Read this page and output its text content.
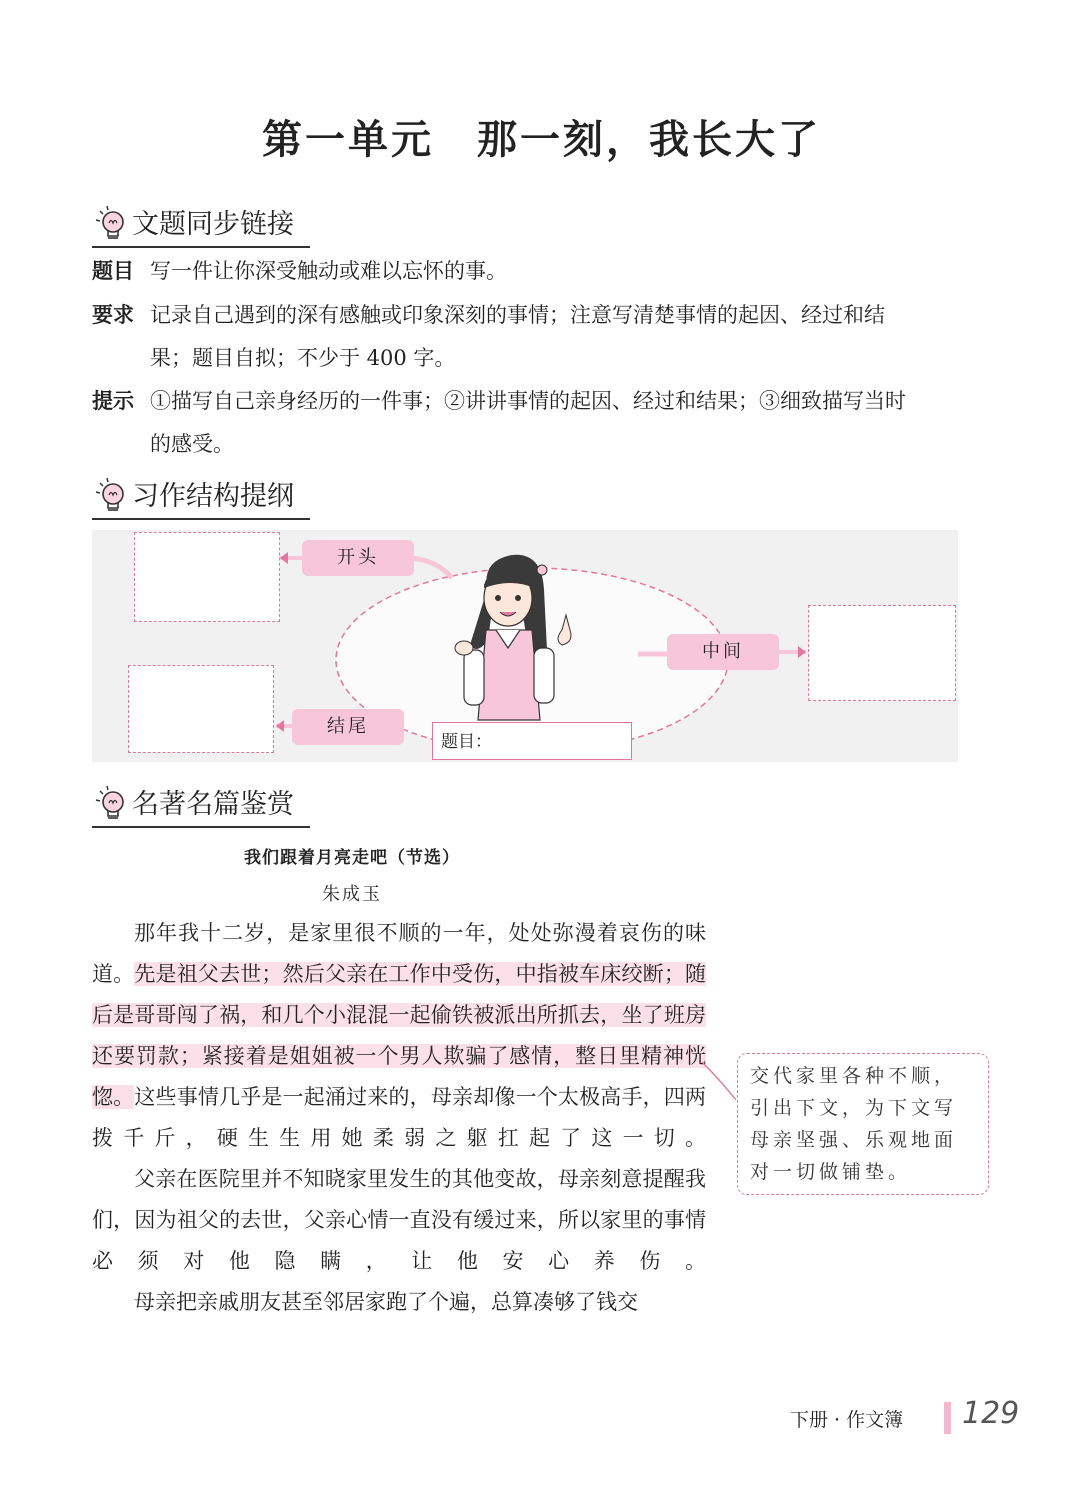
第一单元　那一刻，我长大了
文题同步链接
题目 写一件让你深受触动或难以忘怀的事。
要求 记录自己遇到的深有感触或印象深刻的事情；注意写清楚事情的起因、经过和结
果；题目自拟；不少于 400 字。
提示 ①描写自己亲身经历的一件事；②讲讲事情的起因、经过和结果；③细致描写当时
的感受。
习作结构提纲
开头
中间
结尾
题目：
名著名篇鉴赏
我们跟着月亮走吧（节选）
朱成玉

那年我十二岁，是家里很不顺的一年，处处弥漫着哀伤的味道。先是祖父去世；然后父亲在工作中受伤，中指被车床绞断；随后是哥哥闯了祸，和几个小混混一起偷铁被派出所抓去，坐了班房还要罚款；紧接着是姐姐被一个男人欺骗了感情，整日里精神恍惚。这些事情几乎是一起涌过来的，母亲却像一个太极高手，四两拨千斤，硬生生用她柔弱之躯扛起了这一切。

父亲在医院里并不知晓家里发生的其他变故，母亲刻意提醒我们，因为祖父的去世，父亲心情一直没有缓过来，所以家里的事情必须对他隐瞒，让他安心养伤。

母亲把亲戚朋友甚至邻居家跑了个遍，总算凑够了钱交

交代家里各种不顺，引出下文，为下文写母亲坚强、乐观地面对一切做铺垫。
下册 · 作文簿 129
